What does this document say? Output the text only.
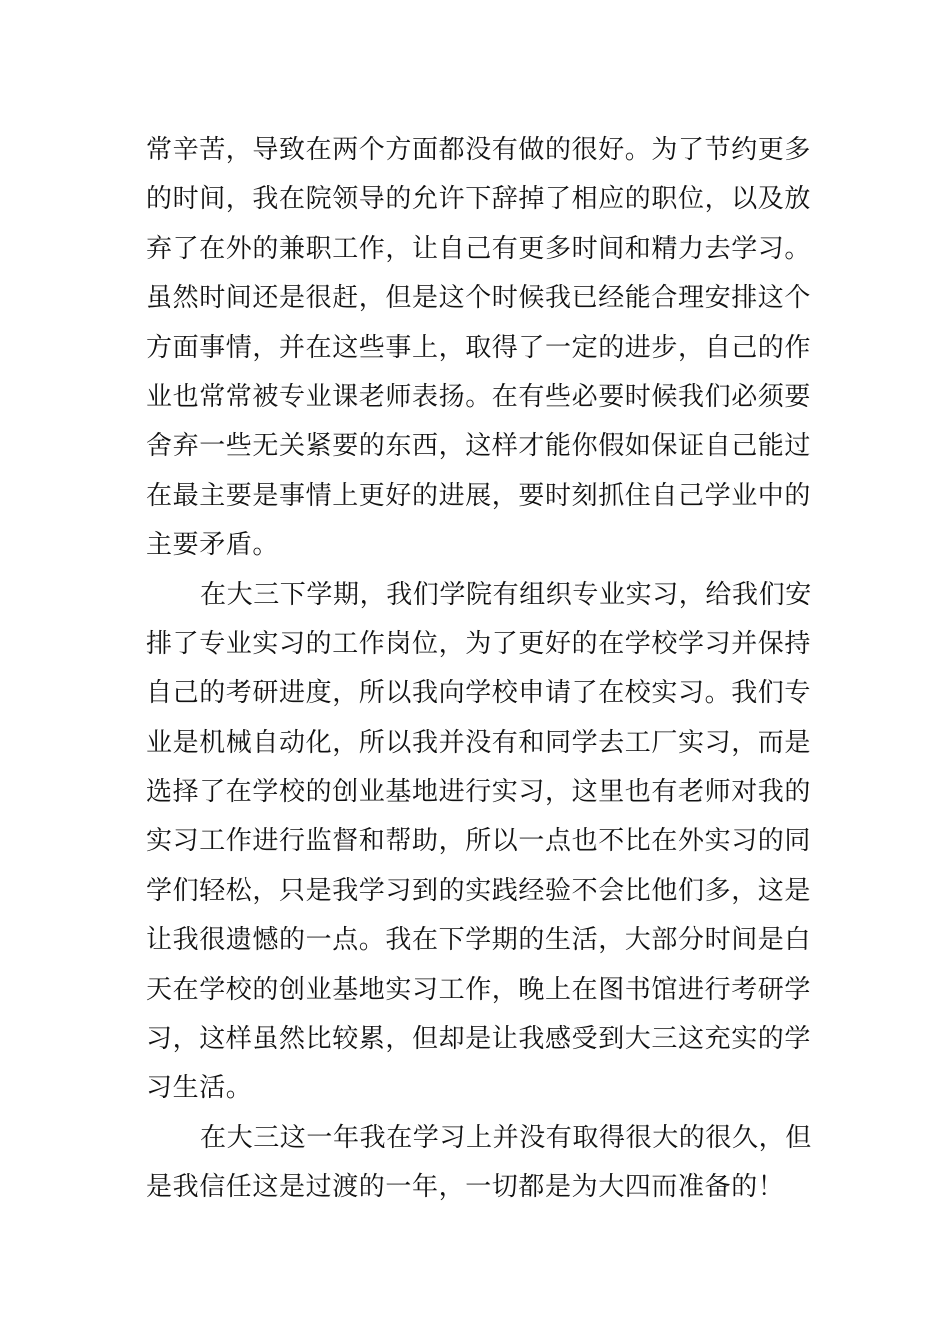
常辛苦，导致在两个方面都没有做的很好。为了节约更多
的时间，我在院领导的允许下辞掉了相应的职位，以及放
弃了在外的兼职工作，让自己有更多时间和精力去学习。
虽然时间还是很赶，但是这个时候我已经能合理安排这个
方面事情，并在这些事上，取得了一定的进步，自己的作
业也常常被专业课老师表扬。在有些必要时候我们必须要
舍弃一些无关紧要的东西，这样才能你假如保证自己能过
在最主要是事情上更好的进展，要时刻抓住自己学业中的
主要矛盾。
在大三下学期，我们学院有组织专业实习，给我们安
排了专业实习的工作岗位，为了更好的在学校学习并保持
自己的考研进度，所以我向学校申请了在校实习。我们专
业是机械自动化，所以我并没有和同学去工厂实习，而是
选择了在学校的创业基地进行实习，这里也有老师对我的
实习工作进行监督和帮助，所以一点也不比在外实习的同
学们轻松，只是我学习到的实践经验不会比他们多，这是
让我很遗憾的一点。我在下学期的生活，大部分时间是白
天在学校的创业基地实习工作，晚上在图书馆进行考研学
习，这样虽然比较累，但却是让我感受到大三这充实的学
习生活。
在大三这一年我在学习上并没有取得很大的很久，但
是我信任这是过渡的一年，一切都是为大四而准备的！
